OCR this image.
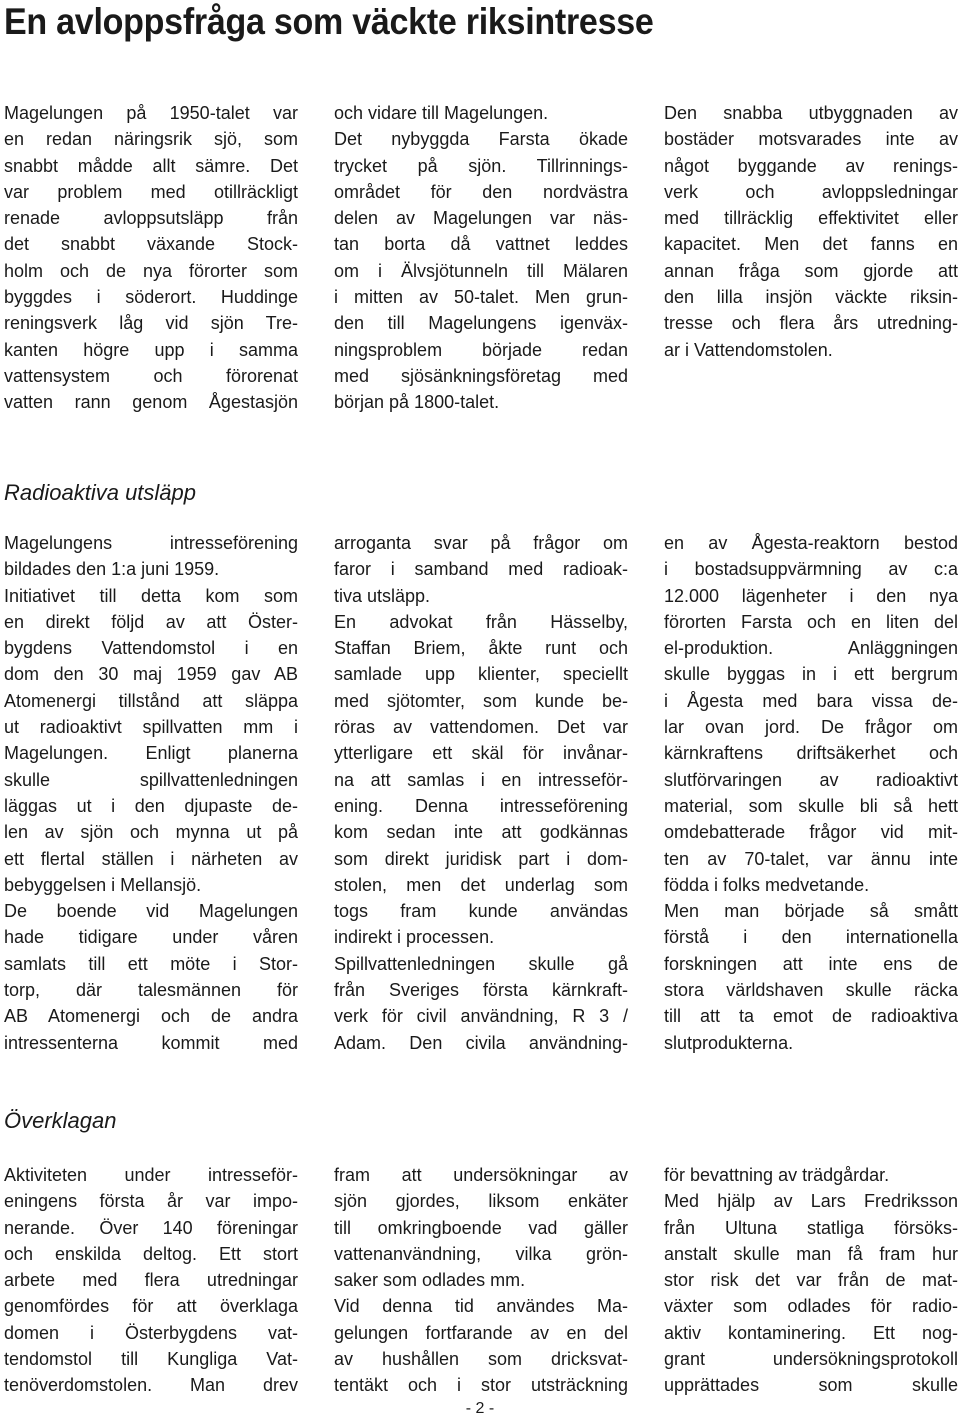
En avloppsfråga som väckte riksintresse
Magelungen på 1950-talet var
en redan näringsrik sjö, som
snabbt mådde allt sämre. Det
var problem med otillräckligt
renade avloppsutsläpp från
det snabbt växande Stock-
holm och de nya förorter som
byggdes i söderort. Huddinge
reningsverk låg vid sjön Tre-
kanten högre upp i samma
vattensystem och förorenat
vatten rann genom Ågestasjön
och vidare till Magelungen.
Det nybyggda Farsta ökade
trycket på sjön. Tillrinnings-
området för den nordvästra
delen av Magelungen var näs-
tan borta då vattnet leddes
om i Älvsjötunneln till Mälaren
i mitten av 50-talet. Men grun-
den till Magelungens igenväx-
ningsproblem började redan
med sjösänkningsföretag med
början på 1800-talet.
Den snabba utbyggnaden av
bostäder motsvarades inte av
något byggande av renings-
verk och avloppsledningar
med tillräcklig effektivitet eller
kapacitet. Men det fanns en
annan fråga som gjorde att
den lilla insjön väckte riksin-
tresse och flera års utredning-
ar i Vattendomstolen.
Radioaktiva utsläpp
Magelungens intresseförening
bildades den 1:a juni 1959.
Initiativet till detta kom som
en direkt följd av att Öster-
bygdens Vattendomstol i en
dom den 30 maj 1959 gav AB
Atomenergi tillstånd att släppa
ut radioaktivt spillvatten mm i
Magelungen. Enligt planerna
skulle spillvattenledningen
läggas ut i den djupaste de-
len av sjön och mynna ut på
ett flertal ställen i närheten av
bebyggelsen i Mellansjö.
De boende vid Magelungen
hade tidigare under våren
samlats till ett möte i Stor-
torp, där talesmännen för
AB Atomenergi och de andra
intressenterna kommit med
arroganta svar på frågor om
faror i samband med radioak-
tiva utsläpp.
En advokat från Hässelby,
Staffan Briem, åkte runt och
samlade upp klienter, speciellt
med sjötomter, som kunde be-
röras av vattendomen. Det var
ytterligare ett skäl för invånar-
na att samlas i en intresseför-
ening. Denna intresseförening
kom sedan inte att godkännas
som direkt juridisk part i dom-
stolen, men det underlag som
togs fram kunde användas
indirekt i processen.
Spillvattenledningen skulle gå
från Sveriges första kärnkraft-
verk för civil användning, R 3 /
Adam. Den civila användning-
en av Ågesta-reaktorn bestod
i bostadsuppvärmning av c:a
12.000 lägenheter i den nya
förorten Farsta och en liten del
el-produktion. Anläggningen
skulle byggas in i ett bergrum
i Ågesta med bara vissa de-
lar ovan jord. De frågor om
kärnkraftens driftsäkerhet och
slutförvaringen av radioaktivt
material, som skulle bli så hett
omdebatterade frågor vid mit-
ten av 70-talet, var ännu inte
födda i folks medvetande.
Men man började så smått
förstå i den internationella
forskningen att inte ens de
stora världshaven skulle räcka
till att ta emot de radioaktiva
slutprodukterna.
Överklagan
Aktiviteten under intresseför-
eningens första år var impo-
nerande. Över 140 föreningar
och enskilda deltog. Ett stort
arbete med flera utredningar
genomfördes för att överklaga
domen i Österbygdens vat-
tendomstol till Kungliga Vat-
tenöverdomstolen. Man drev
fram att undersökningar av
sjön gjordes, liksom enkäter
till omkringboende vad gäller
vattenanvändning, vilka grön-
saker som odlades mm.
Vid denna tid användes Ma-
gelungen fortfarande av en del
av hushållen som dricksvat-
tentäkt och i stor utsträckning
för bevattning av trädgårdar.
Med hjälp av Lars Fredriksson
från Ultuna statliga försöks-
anstalt skulle man få fram hur
stor risk det var från de mat-
växter som odlades för radio-
aktiv kontaminering. Ett nog-
grant undersökningsprotokoll
upprättades som skulle
- 2 -
